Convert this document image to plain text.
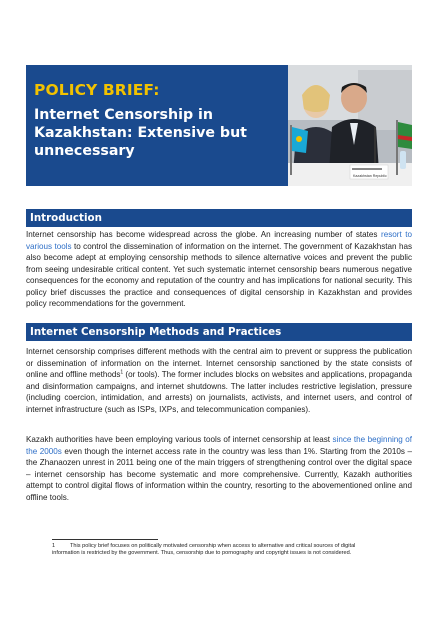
POLICY BRIEF:
Internet Censorship in Kazakhstan: Extensive but unnecessary
Kazakhstan Republic
Introduction

Internet censorship has become widespread across the globe. An increasing number of states resort to various tools to control the dissemination of information on the internet. The government of Kazakhstan has also become adept at employing censorship methods to silence alternative voices and prevent the public from seeing undesirable critical content. Yet such systematic internet censorship bears numerous negative consequences for the economy and reputation of the country and has implications for national security. This policy brief discusses the practice and consequences of digital censorship in Kazakhstan and provides policy recommendations for the government.

Internet Censorship Methods and Practices

Internet censorship comprises different methods with the central aim to prevent or suppress the publication or dissemination of information on the internet. Internet censorship sanctioned by the state consists of online and offline methods$^1$ (or tools). The former includes blocks on websites and applications, propaganda and disinformation campaigns, and internet shutdowns. The latter includes restrictive legislation, pressure (including coercion, intimidation, and arrests) on journalists, activists, and internet users, and control of internet infrastructure (such as ISPs, IXPs, and telecommunication companies).

Kazakh authorities have been employing various tools of internet censorship at least since the beginning of the 2000s even though the internet access rate in the country was less than 1%. Starting from the 2010s – the Zhanaozen unrest in 2011 being one of the main triggers of strengthening control over the digital space – internet censorship has become systematic and more comprehensive. Currently, Kazakh authorities attempt to control digital flows of information within the country, resorting to the abovementioned online and offline tools.

1	This policy brief focuses on politically motivated censorship when access to alternative and critical sources of digital information is restricted by the government. Thus, censorship due to pornography and copyright issues is not considered.
